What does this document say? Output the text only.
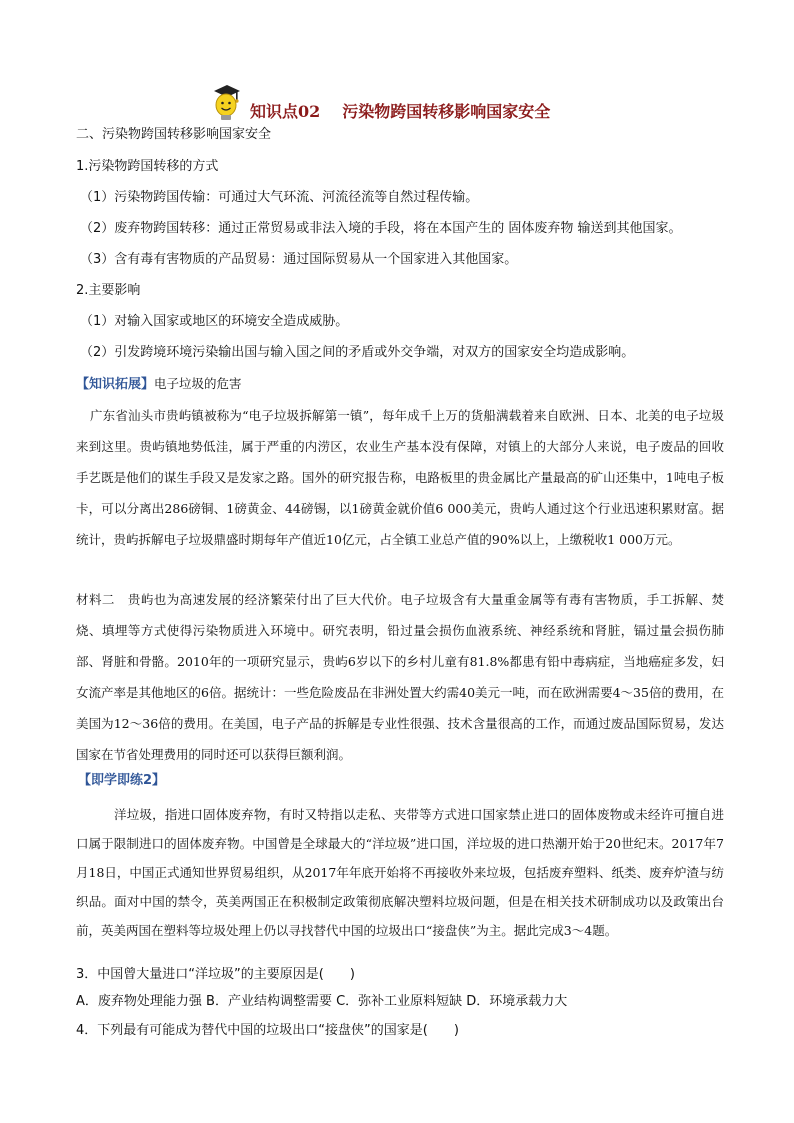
知识点02 污染物跨国转移影响国家安全
二、污染物跨国转移影响国家安全
1.污染物跨国转移的方式
（1）污染物跨国传输：可通过大气环流、河流径流等自然过程传输。
（2）废弃物跨国转移：通过正常贸易或非法入境的手段，将在本国产生的 固体废弃物 输送到其他国家。
（3）含有毒有害物质的产品贸易：通过国际贸易从一个国家进入其他国家。
2.主要影响
（1）对输入国家或地区的环境安全造成威胁。
（2）引发跨境环境污染输出国与输入国之间的矛盾或外交争端，对双方的国家安全均造成影响。
【知识拓展】电子垃圾的危害

广东省汕头市贵屿镇被称为“电子垃圾拆解第一镇”，每年成千上万的货船满载着来自欧洲、日本、北美的电子垃圾来到这里。贵屿镇地势低洼，属于严重的内涝区，农业生产基本没有保障，对镇上的大部分人来说，电子废品的回收手艺既是他们的谋生手段又是发家之路。国外的研究报告称，电路板里的贵金属比产量最高的矿山还集中，1吨电子板卡，可以分离出286磅铜、1磅黄金、44磅锡，以1磅黄金就价值6 000美元，贵屿人通过这个行业迅速积累财富。据统计，贵屿拆解电子垃圾鼎盛时期每年产值近10亿元，占全镇工业总产值的90%以上，上缴税收1 000万元。

材料二　 贵屿也为高速发展的经济繁荣付出了巨大代价。电子垃圾含有大量重金属等有毒有害物质，手工拆解、焚烧、填埋等方式使得污染物质进入环境中。研究表明，铅过量会损伤血液系统、神经系统和肾脏，镉过量会损伤肺部、肾脏和骨骼。2010年的一项研究显示，贵屿6岁以下的乡村儿童有81.8%都患有铅中毒病症，当地癌症多发，妇女流产率是其他地区的6倍。据统计：一些危险废品在非洲处置大约需40美元一吨，而在欧洲需要4～35倍的费用，在美国为12～36倍的费用。在美国，电子产品的拆解是专业性很强、技术含量很高的工作，而通过废品国际贸易，发达国家在节省处理费用的同时还可以获得巨额利润。

【即学即练2】

洋垃圾，指进口固体废弃物，有时又特指以走私、夹带等方式进口国家禁止进口的固体废物或未经许可擅自进口属于限制进口的固体废弃物。中国曾是全球最大的“洋垃圾”进口国，洋垃圾的进口热潮开始于20世纪末。2017年7月18日，中国正式通知世界贸易组织，从2017年年底开始将不再接收外来垃圾，包括废弃塑料、纸类、废弃炉渣与纺织品。面对中国的禁令，英美两国正在积极制定政策彻底解决塑料垃圾问题，但是在相关技术研制成功以及政策出台前，英美两国在塑料等垃圾处理上仍以寻找替代中国的垃圾出口“接盘侠”为主。据此完成3～4题。

3．中国曾大量进口“洋垃圾”的主要原因是(　　)
A．废弃物处理能力强 B．产业结构调整需要 C．弥补工业原料短缺 D．环境承载力大
4．下列最有可能成为替代中国的垃圾出口“接盘侠”的国家是(　　)
